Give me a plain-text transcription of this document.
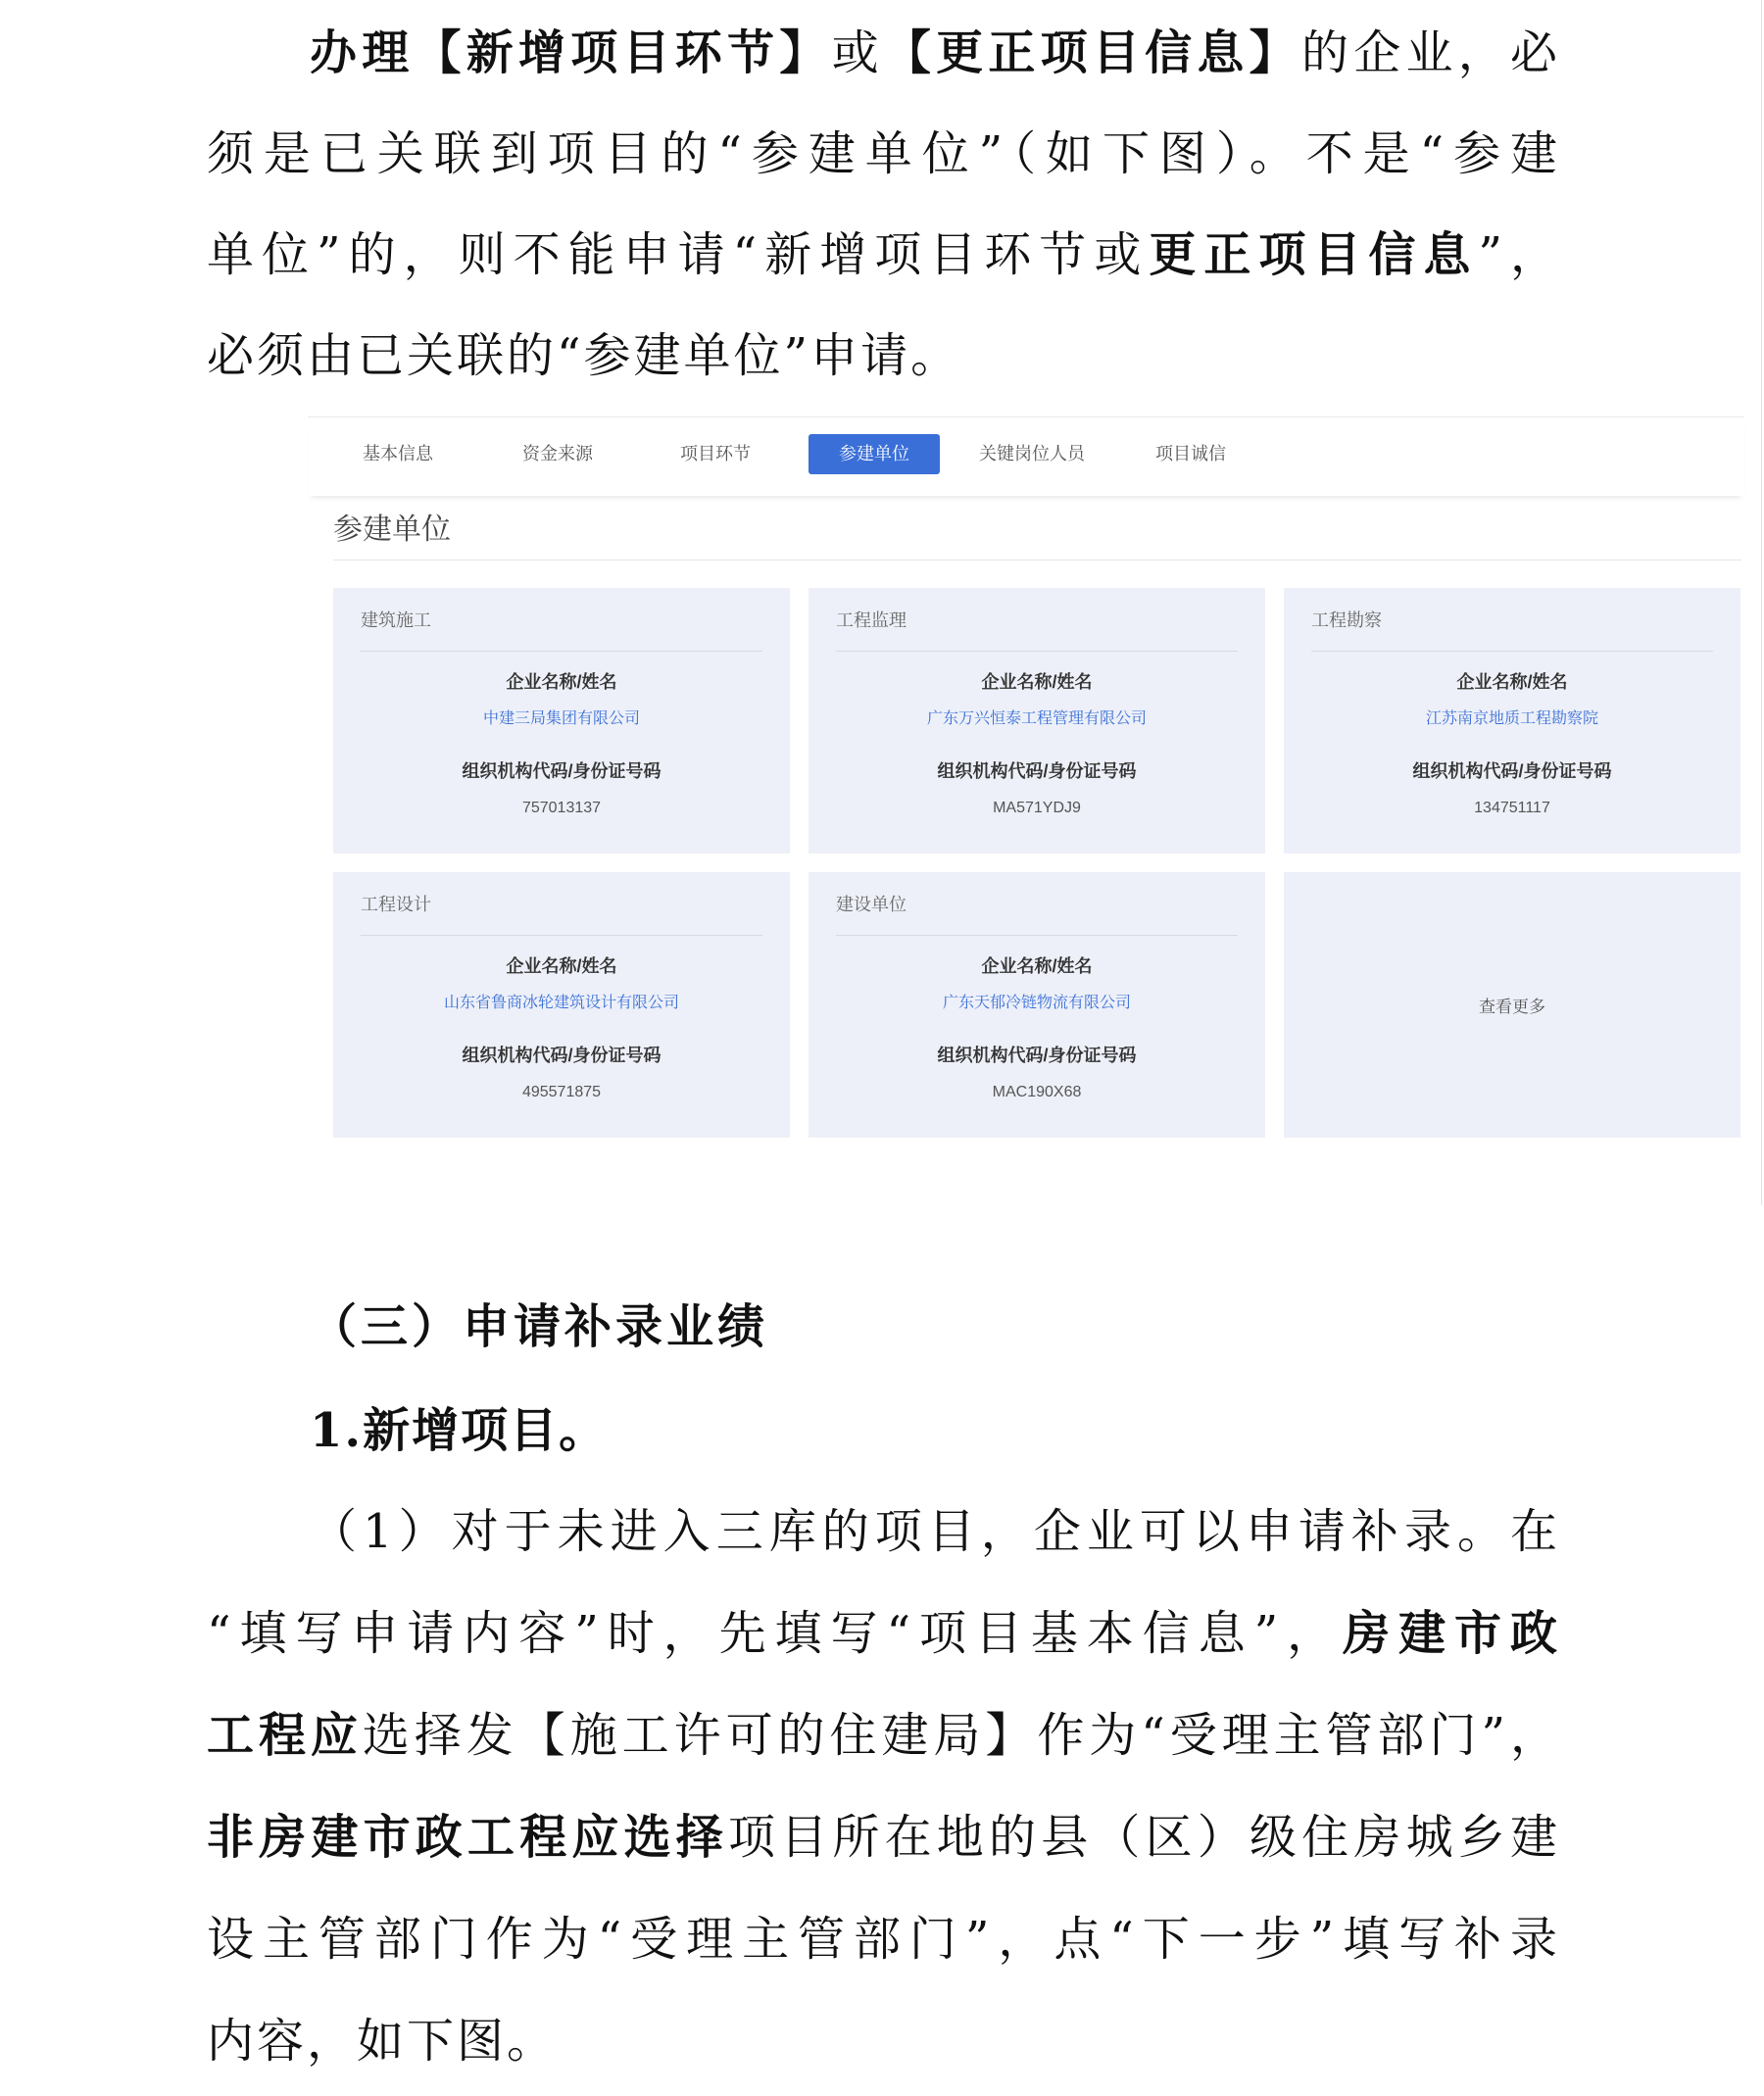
办理【新增项目环节】或【更正项目信息】的企业，必
须是已关联到项目的“参建单位”（如下图）。不是“参建
单位”的，则不能申请“新增项目环节或更正项目信息”，
必须由已关联的“参建单位”申请。
基本信息	资金来源	项目环节	参建单位	关键岗位人员	项目诚信
参建单位
建筑施工
企业名称/姓名
中建三局集团有限公司
组织机构代码/身份证号码
757013137
工程监理
企业名称/姓名
广东万兴恒泰工程管理有限公司
组织机构代码/身份证号码
MA571YDJ9
工程勘察
企业名称/姓名
江苏南京地质工程勘察院
组织机构代码/身份证号码
134751117
工程设计
企业名称/姓名
山东省鲁商冰轮建筑设计有限公司
组织机构代码/身份证号码
495571875
建设单位
企业名称/姓名
广东天郁冷链物流有限公司
组织机构代码/身份证号码
MAC190X68
查看更多
（三）申请补录业绩
1.新增项目。
（1）对于未进入三库的项目，企业可以申请补录。在
“填写申请内容”时，先填写“项目基本信息”，房建市政
工程应选择发【施工许可的住建局】作为“受理主管部门”，
非房建市政工程应选择项目所在地的县（区）级住房城乡建
设主管部门作为“受理主管部门”，点“下一步”填写补录
内容，如下图。
